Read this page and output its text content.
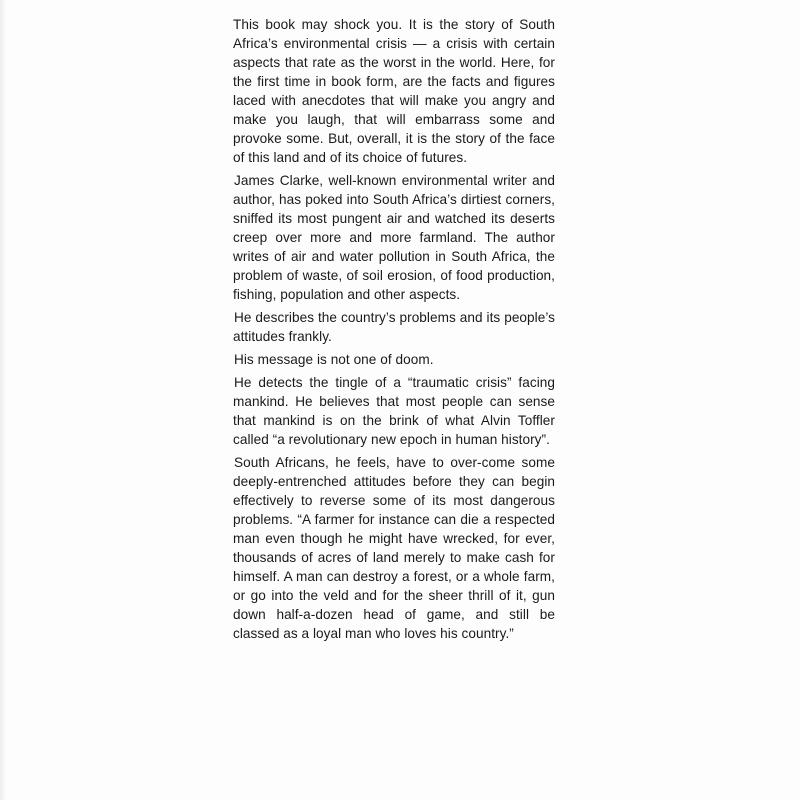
This book may shock you. It is the story of South Africa’s environmental crisis — a crisis with certain aspects that rate as the worst in the world. Here, for the first time in book form, are the facts and figures laced with anecdotes that will make you angry and make you laugh, that will embarrass some and provoke some. But, overall, it is the story of the face of this land and of its choice of futures.

James Clarke, well-known environmental writer and author, has poked into South Africa’s dirtiest corners, sniffed its most pungent air and watched its deserts creep over more and more farmland. The author writes of air and water pollution in South Africa, the problem of waste, of soil erosion, of food production, fishing, population and other aspects.

He describes the country’s problems and its people’s attitudes frankly.

His message is not one of doom.

He detects the tingle of a “traumatic crisis” facing mankind. He believes that most people can sense that mankind is on the brink of what Alvin Toffler called “a revolutionary new epoch in human history”.

South Africans, he feels, have to over-come some deeply-entrenched attitudes before they can begin effectively to reverse some of its most dangerous problems. “A farmer for instance can die a respected man even though he might have wrecked, for ever, thousands of acres of land merely to make cash for himself. A man can destroy a forest, or a whole farm, or go into the veld and for the sheer thrill of it, gun down half-a-dozen head of game, and still be classed as a loyal man who loves his country.”
